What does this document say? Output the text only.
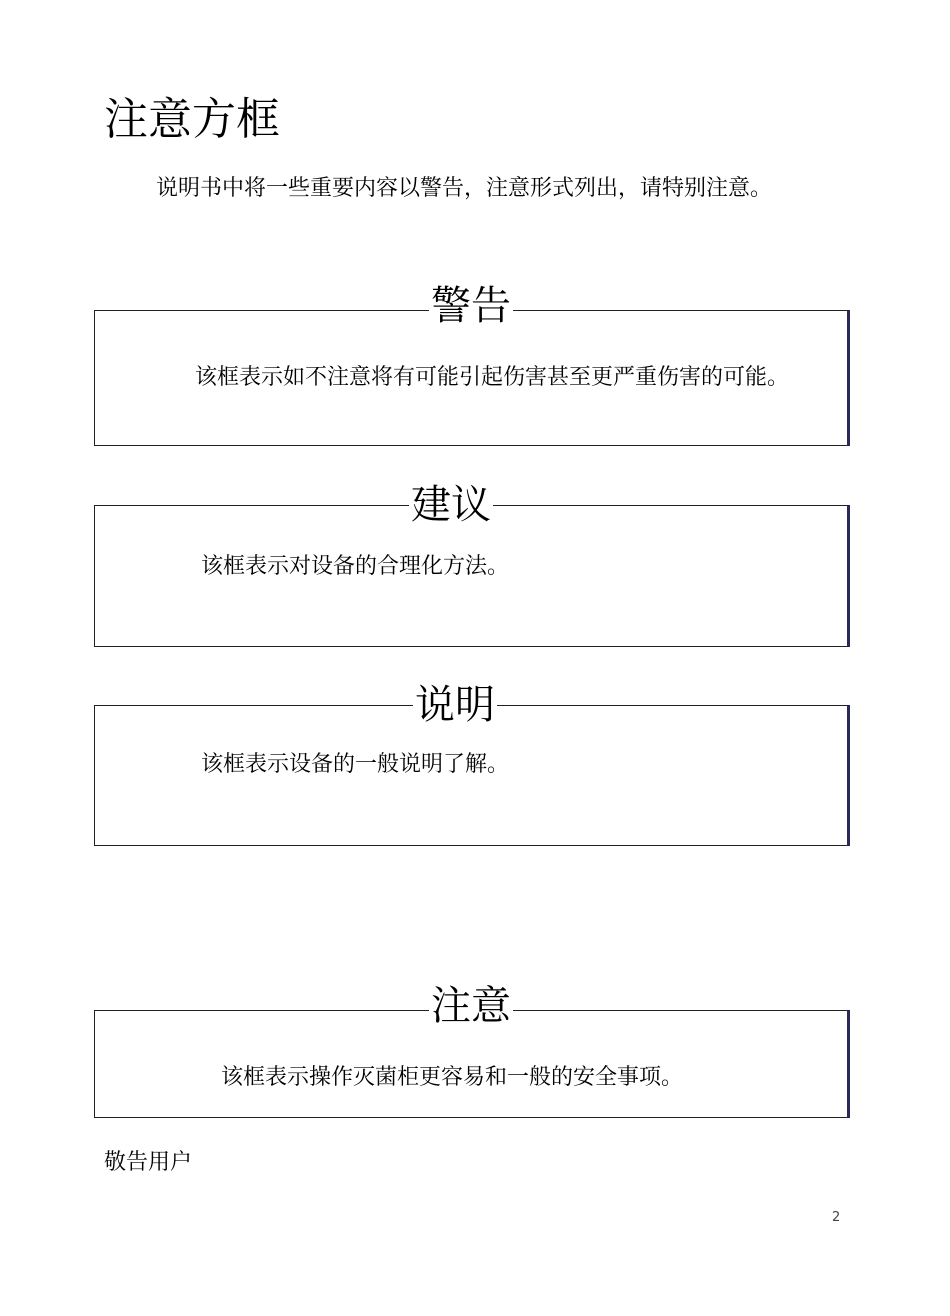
注意方框

说明书中将一些重要内容以警告，注意形式列出，请特别注意。

警告

该框表示如不注意将有可能引起伤害甚至更严重伤害的可能。

建议

该框表示对设备的合理化方法。

说明

该框表示设备的一般说明了解。

注意

该框表示操作灭菌柜更容易和一般的安全事项。

敬告用户
2
